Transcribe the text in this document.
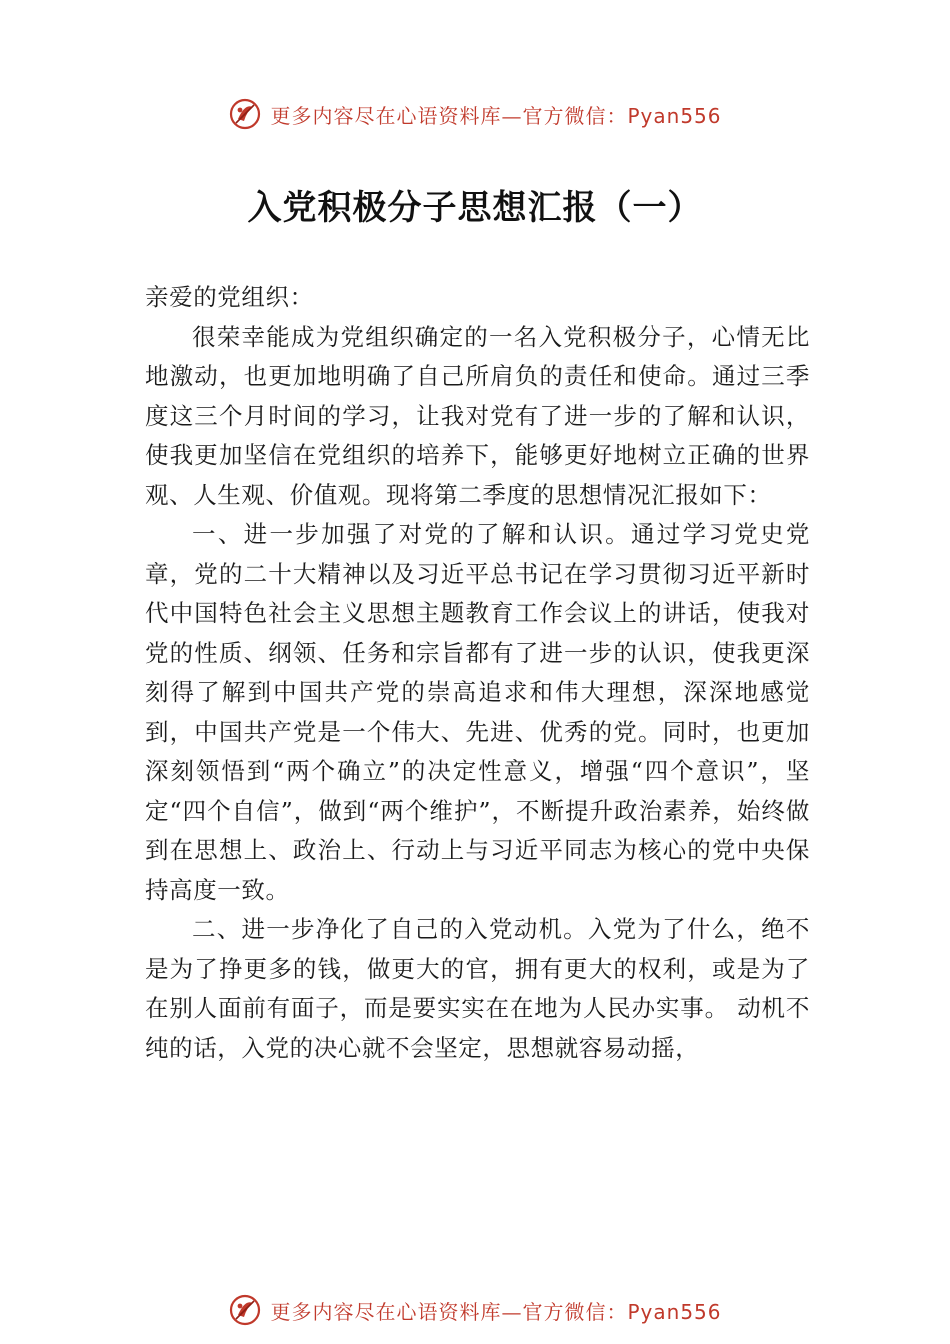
更多内容尽在心语资料库—官方微信：Pyan556
入党积极分子思想汇报（一）

亲爱的党组织：

很荣幸能成为党组织确定的一名入党积极分子，心情无比地激动，也更加地明确了自己所肩负的责任和使命。通过三季度这三个月时间的学习，让我对党有了进一步的了解和认识，使我更加坚信在党组织的培养下，能够更好地树立正确的世界观、人生观、价值观。现将第二季度的思想情况汇报如下：

一、进一步加强了对党的了解和认识。通过学习党史党章，党的二十大精神以及习近平总书记在学习贯彻习近平新时代中国特色社会主义思想主题教育工作会议上的讲话，使我对党的性质、纲领、任务和宗旨都有了进一步的认识，使我更深刻得了解到中国共产党的崇高追求和伟大理想，深深地感觉到，中国共产党是一个伟大、先进、优秀的党。同时，也更加深刻领悟到“两个确立”的决定性意义，增强“四个意识”，坚定“四个自信”，做到“两个维护”，不断提升政治素养，始终做到在思想上、政治上、行动上与习近平同志为核心的党中央保持高度一致。

二、进一步净化了自己的入党动机。入党为了什么，绝不是为了挣更多的钱，做更大的官，拥有更大的权利，或是为了在别人面前有面子，而是要实实在在地为人民办实事。 动机不纯的话，入党的决心就不会坚定，思想就容易动摇，

更多内容尽在心语资料库—官方微信：Pyan556
